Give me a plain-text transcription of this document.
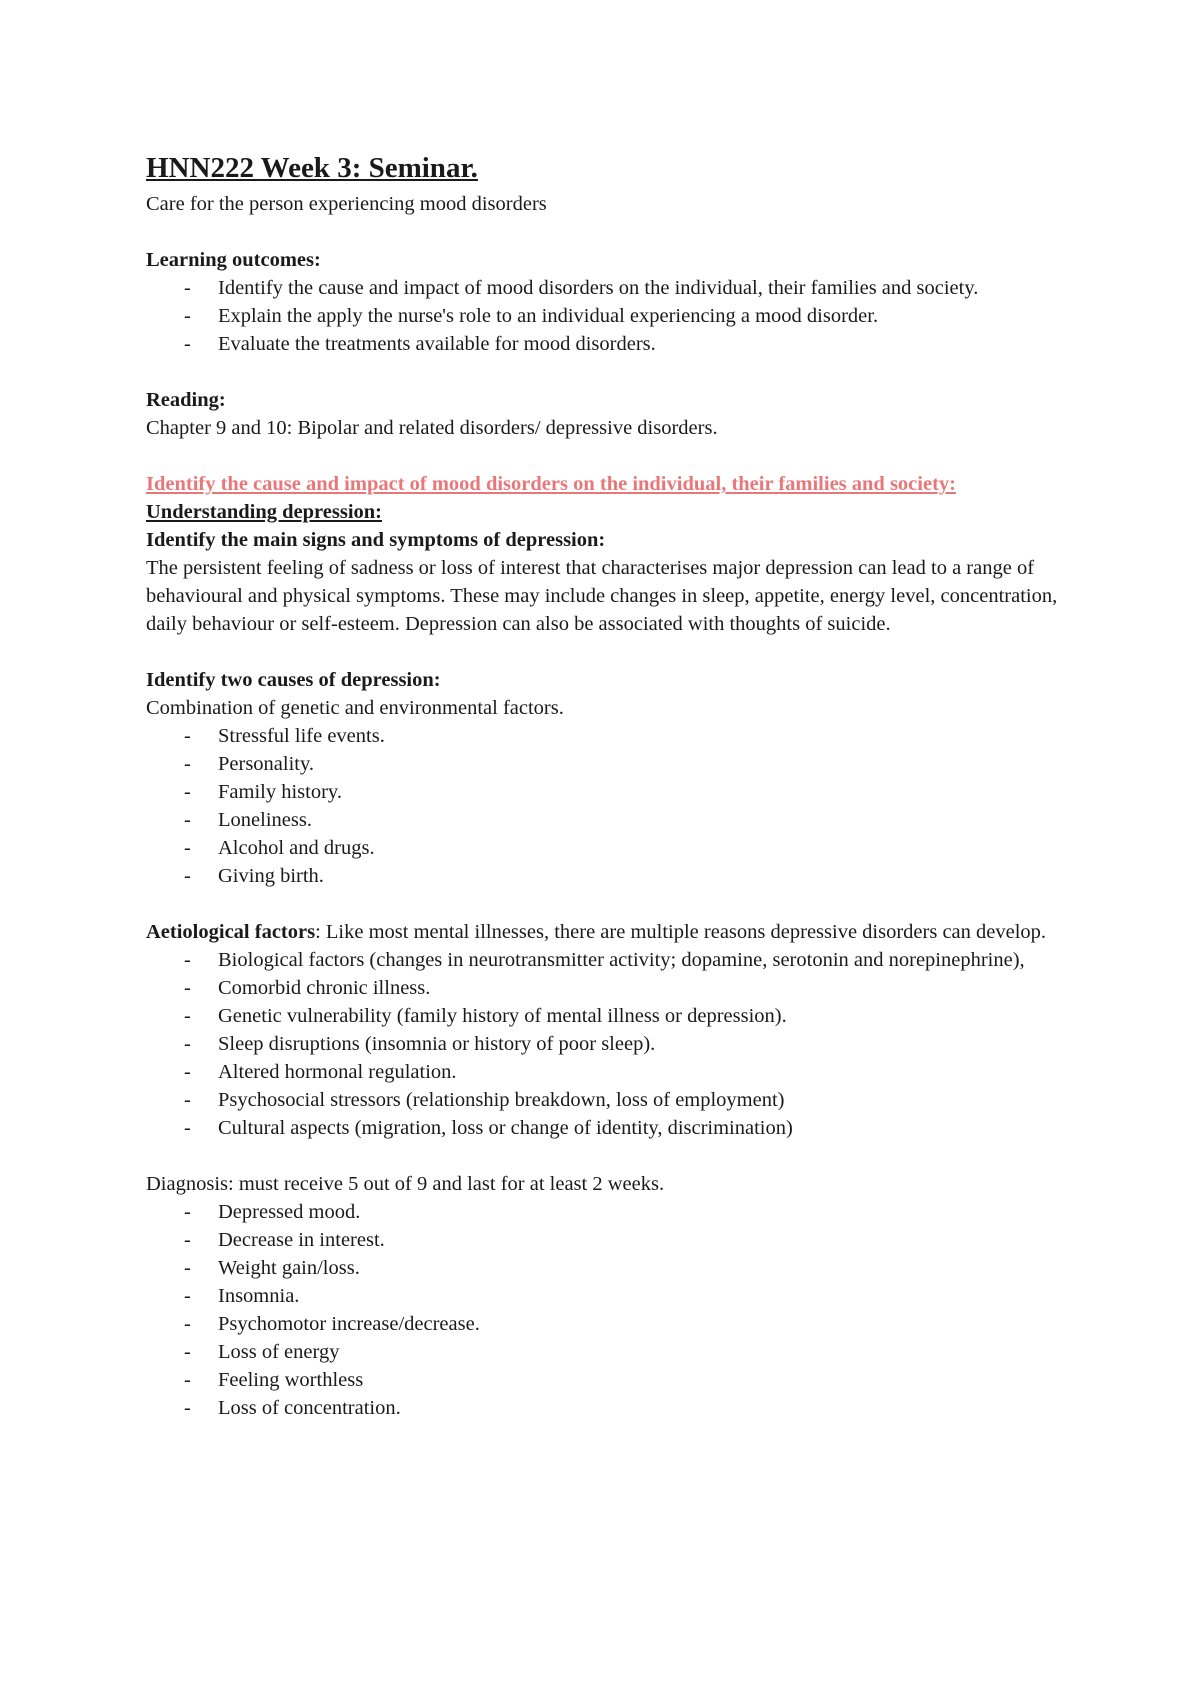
HNN222 Week 3: Seminar.

Care for the person experiencing mood disorders

Learning outcomes:

- Identify the cause and impact of mood disorders on the individual, their families and society.
- Explain the apply the nurse's role to an individual experiencing a mood disorder.
- Evaluate the treatments available for mood disorders.

Reading:

Chapter 9 and 10: Bipolar and related disorders/ depressive disorders.

Identify the cause and impact of mood disorders on the individual, their families and society:

Understanding depression:

Identify the main signs and symptoms of depression:

The persistent feeling of sadness or loss of interest that characterises major depression can lead to a range of behavioural and physical symptoms. These may include changes in sleep, appetite, energy level, concentration, daily behaviour or self-esteem. Depression can also be associated with thoughts of suicide.

Identify two causes of depression:

Combination of genetic and environmental factors.

- Stressful life events.
- Personality.
- Family history.
- Loneliness.
- Alcohol and drugs.
- Giving birth.

Aetiological factors: Like most mental illnesses, there are multiple reasons depressive disorders can develop.

- Biological factors (changes in neurotransmitter activity; dopamine, serotonin and norepinephrine),
- Comorbid chronic illness.
- Genetic vulnerability (family history of mental illness or depression).
- Sleep disruptions (insomnia or history of poor sleep).
- Altered hormonal regulation.
- Psychosocial stressors (relationship breakdown, loss of employment)
- Cultural aspects (migration, loss or change of identity, discrimination)

Diagnosis: must receive 5 out of 9 and last for at least 2 weeks.

- Depressed mood.
- Decrease in interest.
- Weight gain/loss.
- Insomnia.
- Psychomotor increase/decrease.
- Loss of energy
- Feeling worthless
- Loss of concentration.
